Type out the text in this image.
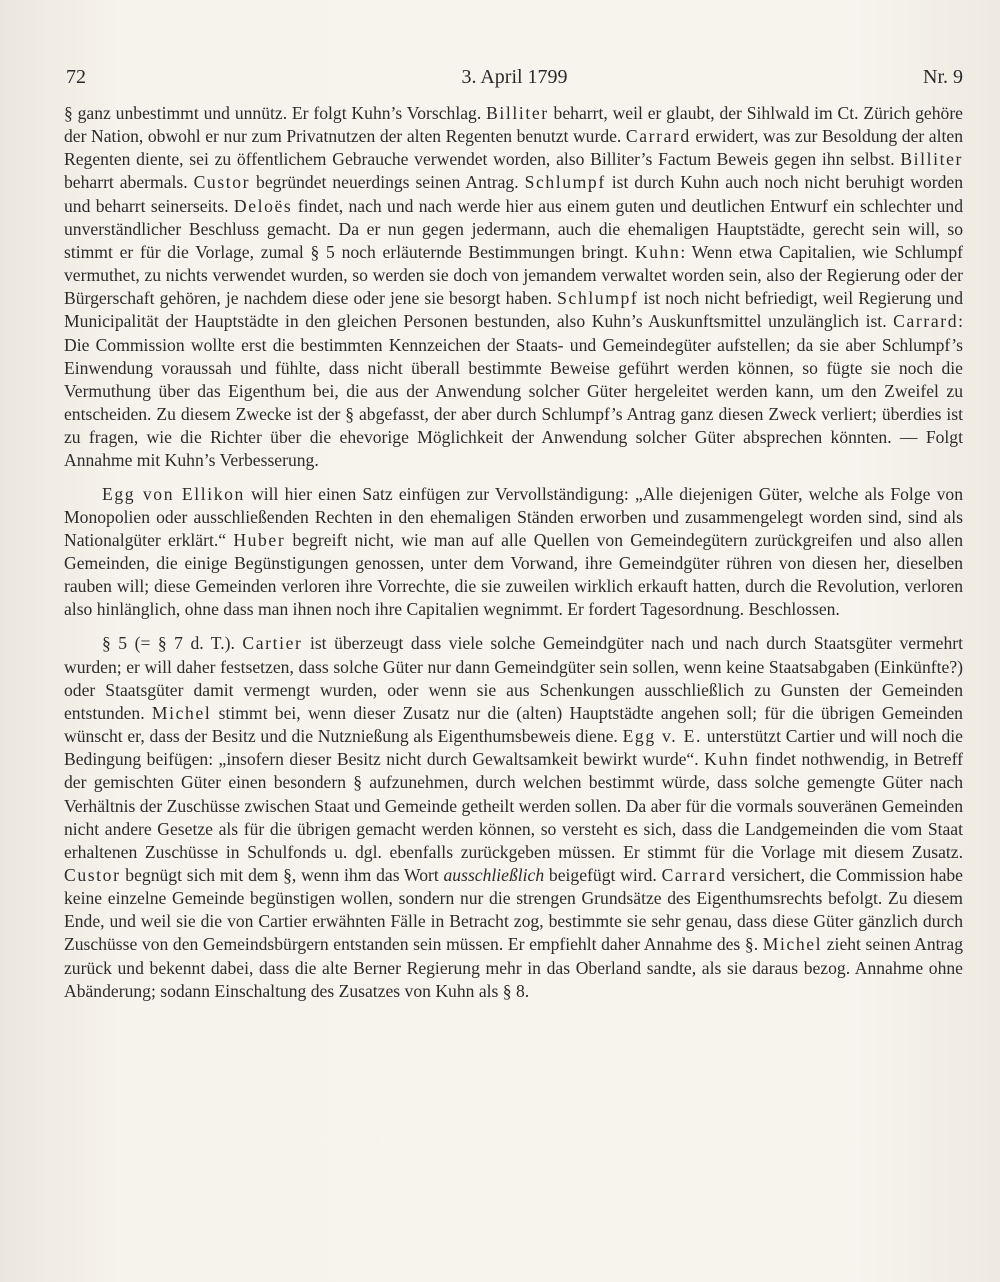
72	3. April 1799	Nr. 9

§ ganz unbestimmt und unnütz. Er folgt Kuhn’s Vorschlag. Billiter beharrt, weil er glaubt, der Sihlwald im Ct. Zürich gehöre der Nation, obwohl er nur zum Privatnutzen der alten Regenten benutzt wurde. Carrard erwidert, was zur Besoldung der alten Regenten diente, sei zu öffentlichem Gebrauche verwendet worden, also Billiter’s Factum Beweis gegen ihn selbst. Billiter beharrt abermals. Custor begründet neuerdings seinen Antrag. Schlumpf ist durch Kuhn auch noch nicht beruhigt worden und beharrt seinerseits. Deloës findet, nach und nach werde hier aus einem guten und deutlichen Entwurf ein schlechter und unverständlicher Beschluss gemacht. Da er nun gegen jedermann, auch die ehemaligen Hauptstädte, gerecht sein will, so stimmt er für die Vorlage, zumal § 5 noch erläuternde Bestimmungen bringt. Kuhn: Wenn etwa Capitalien, wie Schlumpf vermuthet, zu nichts verwendet wurden, so werden sie doch von jemandem verwaltet worden sein, also der Regierung oder der Bürgerschaft gehören, je nachdem diese oder jene sie besorgt haben. Schlumpf ist noch nicht befriedigt, weil Regierung und Municipalität der Hauptstädte in den gleichen Personen bestunden, also Kuhn’s Auskunftsmittel unzulänglich ist. Carrard: Die Commission wollte erst die bestimmten Kennzeichen der Staats- und Gemeindegüter aufstellen; da sie aber Schlumpf’s Einwendung voraussah und fühlte, dass nicht überall bestimmte Beweise geführt werden können, so fügte sie noch die Vermuthung über das Eigenthum bei, die aus der Anwendung solcher Güter hergeleitet werden kann, um den Zweifel zu entscheiden. Zu diesem Zwecke ist der § abgefasst, der aber durch Schlumpf’s Antrag ganz diesen Zweck verliert; überdies ist zu fragen, wie die Richter über die ehevorige Möglichkeit der Anwendung solcher Güter absprechen könnten. — Folgt Annahme mit Kuhn’s Verbesserung.

Egg von Ellikon will hier einen Satz einfügen zur Vervollständigung: „Alle diejenigen Güter, welche als Folge von Monopolien oder ausschließenden Rechten in den ehemaligen Ständen erworben und zusammengelegt worden sind, sind als Nationalgüter erklärt.“ Huber begreift nicht, wie man auf alle Quellen von Gemeindegütern zurückgreifen und also allen Gemeinden, die einige Begünstigungen genossen, unter dem Vorwand, ihre Gemeindgüter rühren von diesen her, dieselben rauben will; diese Gemeinden verloren ihre Vorrechte, die sie zuweilen wirklich erkauft hatten, durch die Revolution, verloren also hinlänglich, ohne dass man ihnen noch ihre Capitalien wegnimmt. Er fordert Tagesordnung. Beschlossen.

§ 5 (= § 7 d. T.). Cartier ist überzeugt dass viele solche Gemeindgüter nach und nach durch Staatsgüter vermehrt wurden; er will daher festsetzen, dass solche Güter nur dann Gemeindgüter sein sollen, wenn keine Staatsabgaben (Einkünfte?) oder Staatsgüter damit vermengt wurden, oder wenn sie aus Schenkungen ausschließlich zu Gunsten der Gemeinden entstunden. Michel stimmt bei, wenn dieser Zusatz nur die (alten) Hauptstädte angehen soll; für die übrigen Gemeinden wünscht er, dass der Besitz und die Nutznießung als Eigenthumsbeweis diene. Egg v. E. unterstützt Cartier und will noch die Bedingung beifügen: „insofern dieser Besitz nicht durch Gewaltsamkeit bewirkt wurde“. Kuhn findet nothwendig, in Betreff der gemischten Güter einen besondern § aufzunehmen, durch welchen bestimmt würde, dass solche gemengte Güter nach Verhältnis der Zuschüsse zwischen Staat und Gemeinde getheilt werden sollen. Da aber für die vormals souveränen Gemeinden nicht andere Gesetze als für die übrigen gemacht werden können, so versteht es sich, dass die Landgemeinden die vom Staat erhaltenen Zuschüsse in Schulfonds u. dgl. ebenfalls zurückgeben müssen. Er stimmt für die Vorlage mit diesem Zusatz. Custor begnügt sich mit dem §, wenn ihm das Wort ausschließlich beigefügt wird. Carrard versichert, die Commission habe keine einzelne Gemeinde begünstigen wollen, sondern nur die strengen Grundsätze des Eigenthumsrechts befolgt. Zu diesem Ende, und weil sie die von Cartier erwähnten Fälle in Betracht zog, bestimmte sie sehr genau, dass diese Güter gänzlich durch Zuschüsse von den Gemeindsbürgern entstanden sein müssen. Er empfiehlt daher Annahme des §. Michel zieht seinen Antrag zurück und bekennt dabei, dass die alte Berner Regierung mehr in das Oberland sandte, als sie daraus bezog. Annahme ohne Abänderung; sodann Einschaltung des Zusatzes von Kuhn als § 8.
